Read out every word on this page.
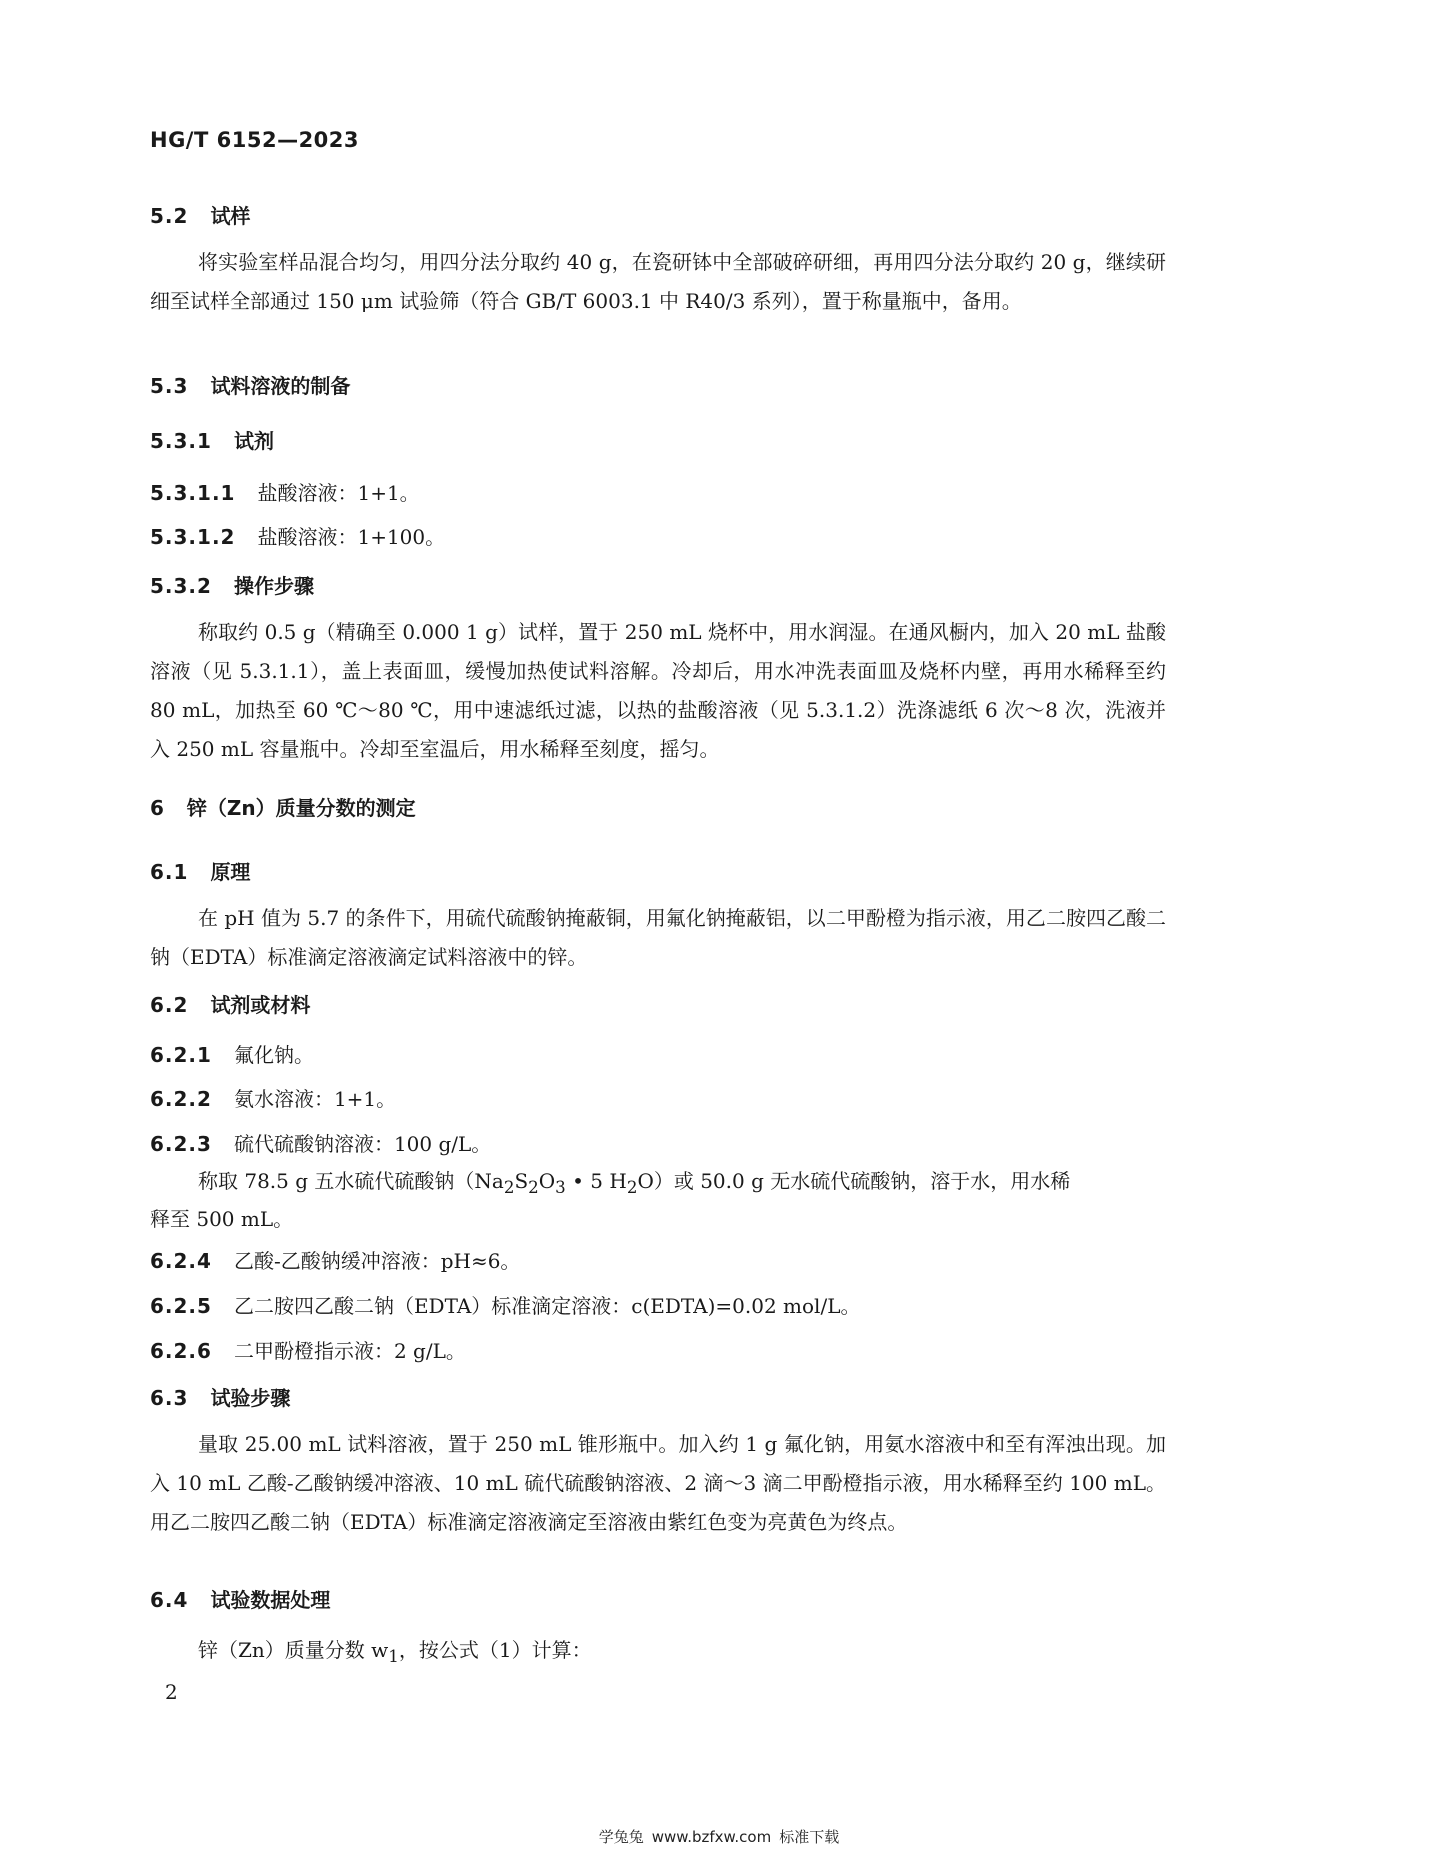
HG/T 6152—2023
5.2 试样
将实验室样品混合均匀，用四分法分取约 40 g，在瓷研钵中全部破碎研细，再用四分法分取约 20 g，继续研细至试样全部通过 150 μm 试验筛（符合 GB/T 6003.1 中 R40/3 系列），置于称量瓶中，备用。
5.3 试料溶液的制备
5.3.1 试剂
5.3.1.1 盐酸溶液：1+1。
5.3.1.2 盐酸溶液：1+100。
5.3.2 操作步骤
称取约 0.5 g（精确至 0.000 1 g）试样，置于 250 mL 烧杯中，用水润湿。在通风橱内，加入 20 mL 盐酸溶液（见 5.3.1.1），盖上表面皿，缓慢加热使试料溶解。冷却后，用水冲洗表面皿及烧杯内壁，再用水稀释至约 80 mL，加热至 60 ℃～80 ℃，用中速滤纸过滤，以热的盐酸溶液（见 5.3.1.2）洗涤滤纸 6 次～8 次，洗液并入 250 mL 容量瓶中。冷却至室温后，用水稀释至刻度，摇匀。
6 锌（Zn）质量分数的测定
6.1 原理
在 pH 值为 5.7 的条件下，用硫代硫酸钠掩蔽铜，用氟化钠掩蔽铝，以二甲酚橙为指示液，用乙二胺四乙酸二钠（EDTA）标准滴定溶液滴定试料溶液中的锌。
6.2 试剂或材料
6.2.1 氟化钠。
6.2.2 氨水溶液：1+1。
6.2.3 硫代硫酸钠溶液：100 g/L。
称取 78.5 g 五水硫代硫酸钠（$Na_2S_2O_3$ • 5 $H_2O$）或 50.0 g 无水硫代硫酸钠，溶于水，用水稀
释至 500 mL。
6.2.4 乙酸-乙酸钠缓冲溶液：pH≈6。
6.2.5 乙二胺四乙酸二钠（EDTA）标准滴定溶液：c(EDTA)=0.02 mol/L。
6.2.6 二甲酚橙指示液：2 g/L。
6.3 试验步骤
量取 25.00 mL 试料溶液，置于 250 mL 锥形瓶中。加入约 1 g 氟化钠，用氨水溶液中和至有浑浊出现。加入 10 mL 乙酸-乙酸钠缓冲溶液、10 mL 硫代硫酸钠溶液、2 滴～3 滴二甲酚橙指示液，用水稀释至约 100 mL。用乙二胺四乙酸二钠（EDTA）标准滴定溶液滴定至溶液由紫红色变为亮黄色为终点。
6.4 试验数据处理
锌（Zn）质量分数 $w_1$，按公式（1）计算：
2
学兔兔 www.bzfxw.com 标准下载
